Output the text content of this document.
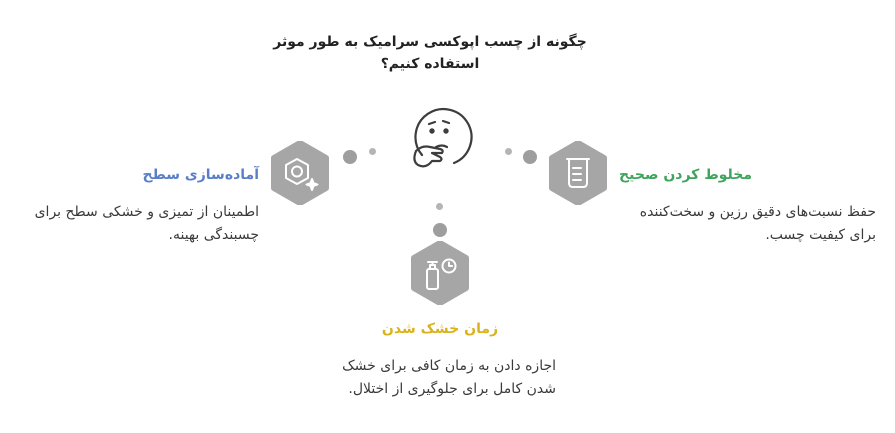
چگونه از چسب اپوکسی سرامیک به طور موثر
استفاده کنیم؟
آماده‌سازی سطح
اطمینان از تمیزی و خشکی سطح برای
چسبندگی بهینه.
مخلوط کردن صحیح
حفظ نسبت‌های دقیق رزین و سخت‌کننده
برای کیفیت چسب.
زمان خشک شدن
اجازه دادن به زمان کافی برای خشک
شدن کامل برای جلوگیری از اختلال.
